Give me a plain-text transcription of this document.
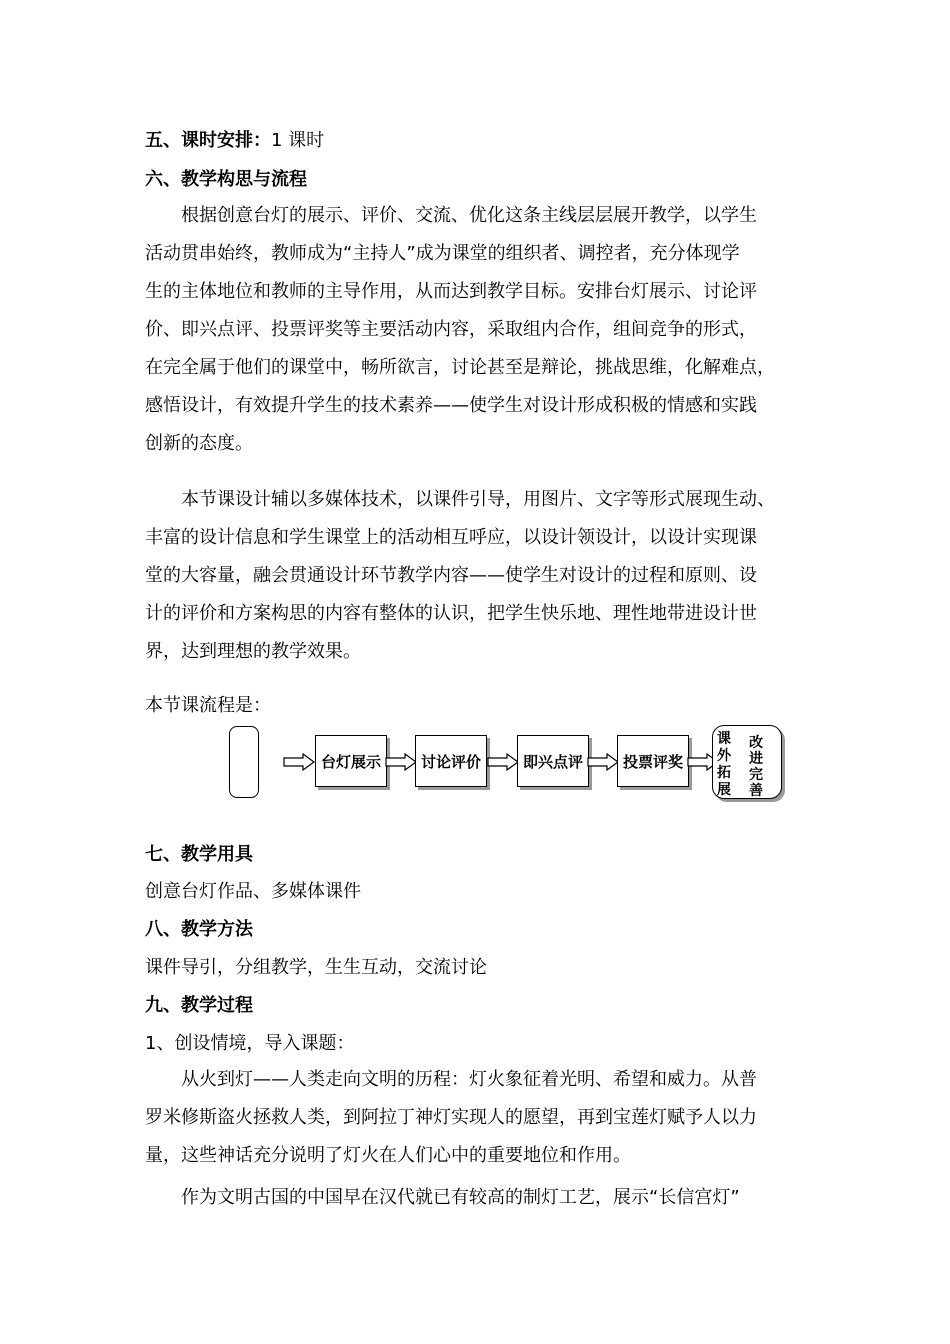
五、课时安排：1 课时
六、教学构思与流程
根据创意台灯的展示、评价、交流、优化这条主线层层展开教学，以学生
活动贯串始终，教师成为“主持人”成为课堂的组织者、调控者，充分体现学
生的主体地位和教师的主导作用，从而达到教学目标。安排台灯展示、讨论评
价、即兴点评、投票评奖等主要活动内容，采取组内合作，组间竞争的形式，
在完全属于他们的课堂中，畅所欲言，讨论甚至是辩论，挑战思维，化解难点，
感悟设计，有效提升学生的技术素养——使学生对设计形成积极的情感和实践
创新的态度。
本节课设计辅以多媒体技术，以课件引导，用图片、文字等形式展现生动、
丰富的设计信息和学生课堂上的活动相互呼应，以设计领设计，以设计实现课
堂的大容量，融会贯通设计环节教学内容——使学生对设计的过程和原则、设
计的评价和方案构思的内容有整体的认识，把学生快乐地、理性地带进设计世
界，达到理想的教学效果。
本节课流程是：
台灯展示	讨论评价	即兴点评	投票评奖
课
外
拓
展
改
进
完
善
七、教学用具
创意台灯作品、多媒体课件
八、教学方法
课件导引，分组教学，生生互动，交流讨论
九、教学过程
1、创设情境，导入课题：
从火到灯——人类走向文明的历程：灯火象征着光明、希望和威力。从普
罗米修斯盗火拯救人类，到阿拉丁神灯实现人的愿望，再到宝莲灯赋予人以力
量，这些神话充分说明了灯火在人们心中的重要地位和作用。
作为文明古国的中国早在汉代就已有较高的制灯工艺，展示“长信宫灯”
